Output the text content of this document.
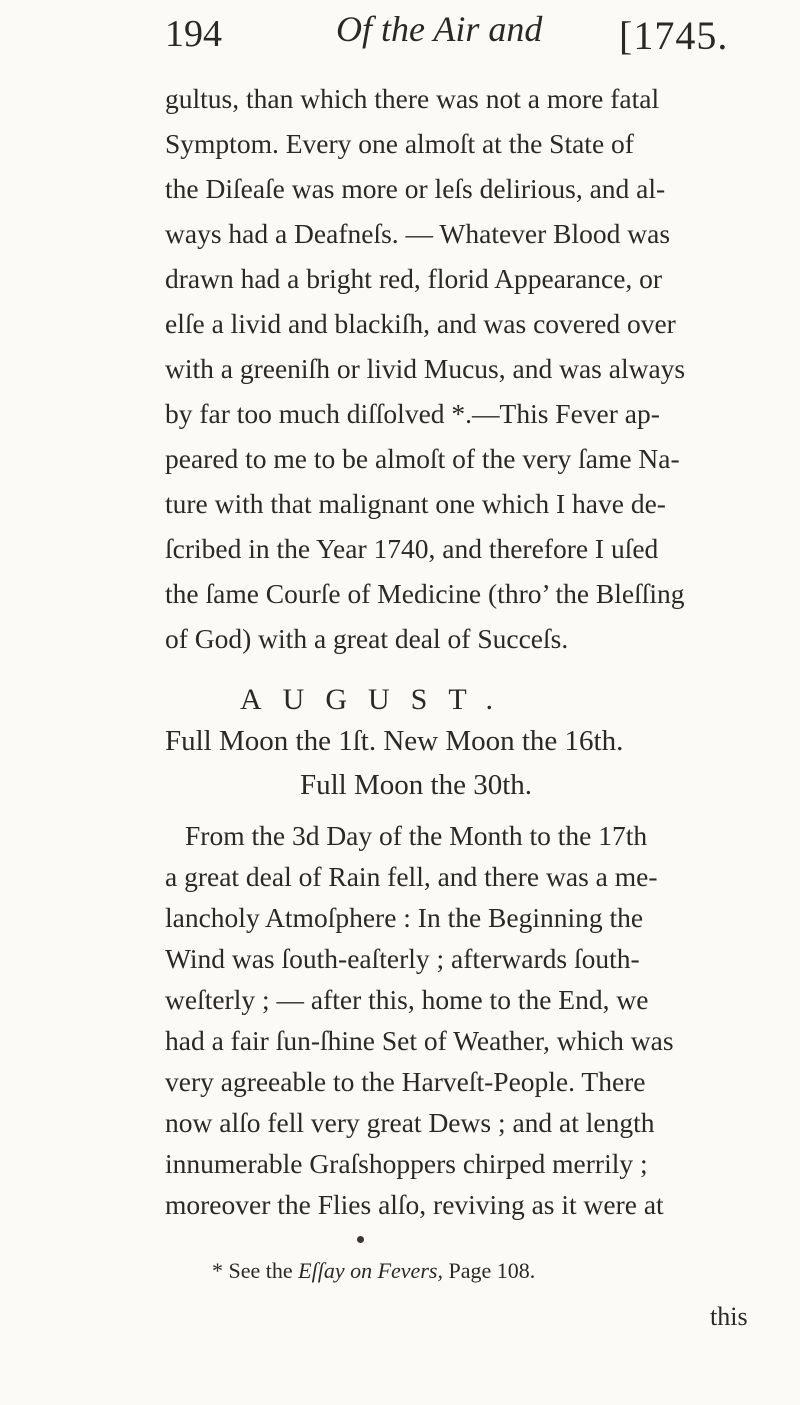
194	Of the Air and [1745.
gultus, than which there was not a more fatal
Symptom. Every one almoſt at the State of
the Diſeaſe was more or leſs delirious, and al-
ways had a Deafneſs. — Whatever Blood was
drawn had a bright red, florid Appearance, or
elſe a livid and blackiſh, and was covered over
with a greeniſh or livid Mucus, and was always
by far too much diſſolved *.—This Fever ap-
peared to me to be almoſt of the very ſame Na-
ture with that malignant one which I have de-
ſcribed in the Year 1740, and therefore I uſed
the ſame Courſe of Medicine (thro’ the Bleſſing
of God) with a great deal of Succeſs.
AUGUST.
Full Moon the 1ſt. New Moon the 16th.
Full Moon the 30th.
From the 3d Day of the Month to the 17th
a great deal of Rain fell, and there was a me-
lancholy Atmoſphere : In the Beginning the
Wind was ſouth-eaſterly ; afterwards ſouth-
weſterly ; — after this, home to the End, we
had a fair ſun-ſhine Set of Weather, which was
very agreeable to the Harveſt-People. There
now alſo fell very great Dews ; and at length
innumerable Graſshoppers chirped merrily ;
moreover the Flies alſo, reviving as it were at
* See the Eſſay on Fevers, Page 108.
this
